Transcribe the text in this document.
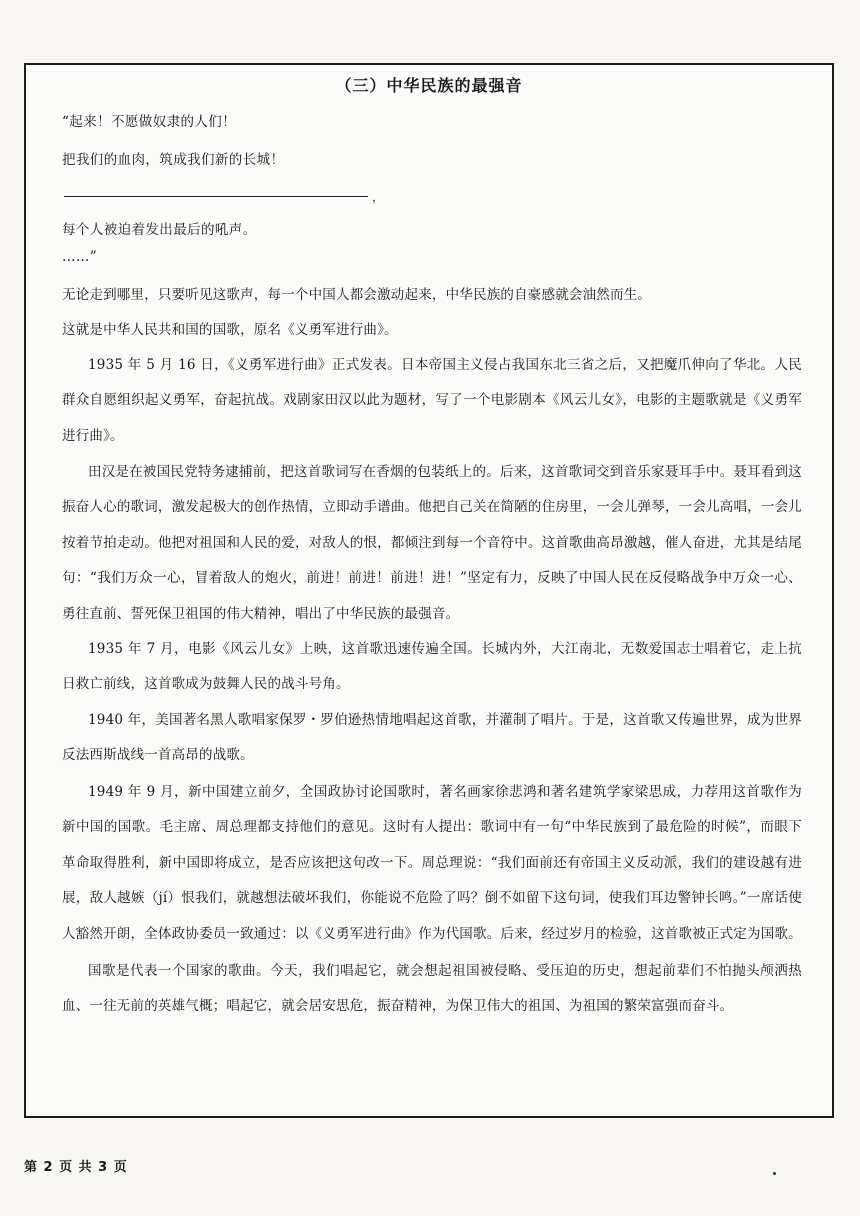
（三）中华民族的最强音
“起来！不愿做奴隶的人们！
把我们的血肉，筑成我们新的长城！
，
每个人被迫着发出最后的吼声。
……”

无论走到哪里，只要听见这歌声，每一个中国人都会激动起来，中华民族的自豪感就会油然而生。

这就是中华人民共和国的国歌，原名《义勇军进行曲》。

1935 年 5 月 16 日，《义勇军进行曲》正式发表。日本帝国主义侵占我国东北三省之后，又把魔爪伸向了华北。人民群众自愿组织起义勇军，奋起抗战。戏剧家田汉以此为题材，写了一个电影剧本《风云儿女》，电影的主题歌就是《义勇军进行曲》。

田汉是在被国民党特务逮捕前，把这首歌词写在香烟的包装纸上的。后来，这首歌词交到音乐家聂耳手中。聂耳看到这振奋人心的歌词，激发起极大的创作热情，立即动手谱曲。他把自己关在简陋的住房里，一会儿弹琴，一会儿高唱，一会儿按着节拍走动。他把对祖国和人民的爱，对敌人的恨，都倾注到每一个音符中。这首歌曲高昂激越，催人奋进，尤其是结尾句：“我们万众一心，冒着敌人的炮火，前进！前进！前进！进！”坚定有力，反映了中国人民在反侵略战争中万众一心、勇往直前、誓死保卫祖国的伟大精神，唱出了中华民族的最强音。

1935 年 7 月，电影《风云儿女》上映，这首歌迅速传遍全国。长城内外，大江南北，无数爱国志士唱着它，走上抗日救亡前线，这首歌成为鼓舞人民的战斗号角。

1940 年，美国著名黑人歌唱家保罗・罗伯逊热情地唱起这首歌，并灌制了唱片。于是，这首歌又传遍世界，成为世界反法西斯战线一首高昂的战歌。

1949 年 9 月，新中国建立前夕，全国政协讨论国歌时，著名画家徐悲鸿和著名建筑学家梁思成，力荐用这首歌作为新中国的国歌。毛主席、周总理都支持他们的意见。这时有人提出：歌词中有一句“中华民族到了最危险的时候”，而眼下革命取得胜利，新中国即将成立，是否应该把这句改一下。周总理说：“我们面前还有帝国主义反动派，我们的建设越有进展，敌人越嫉（jí）恨我们，就越想法破坏我们，你能说不危险了吗？倒不如留下这句词，使我们耳边警钟长鸣。”一席话使人豁然开朗，全体政协委员一致通过：以《义勇军进行曲》作为代国歌。后来，经过岁月的检验，这首歌被正式定为国歌。

国歌是代表一个国家的歌曲。今天，我们唱起它，就会想起祖国被侵略、受压迫的历史，想起前辈们不怕抛头颅洒热血、一往无前的英雄气概；唱起它，就会居安思危，振奋精神，为保卫伟大的祖国、为祖国的繁荣富强而奋斗。

第 2 页 共 3 页
